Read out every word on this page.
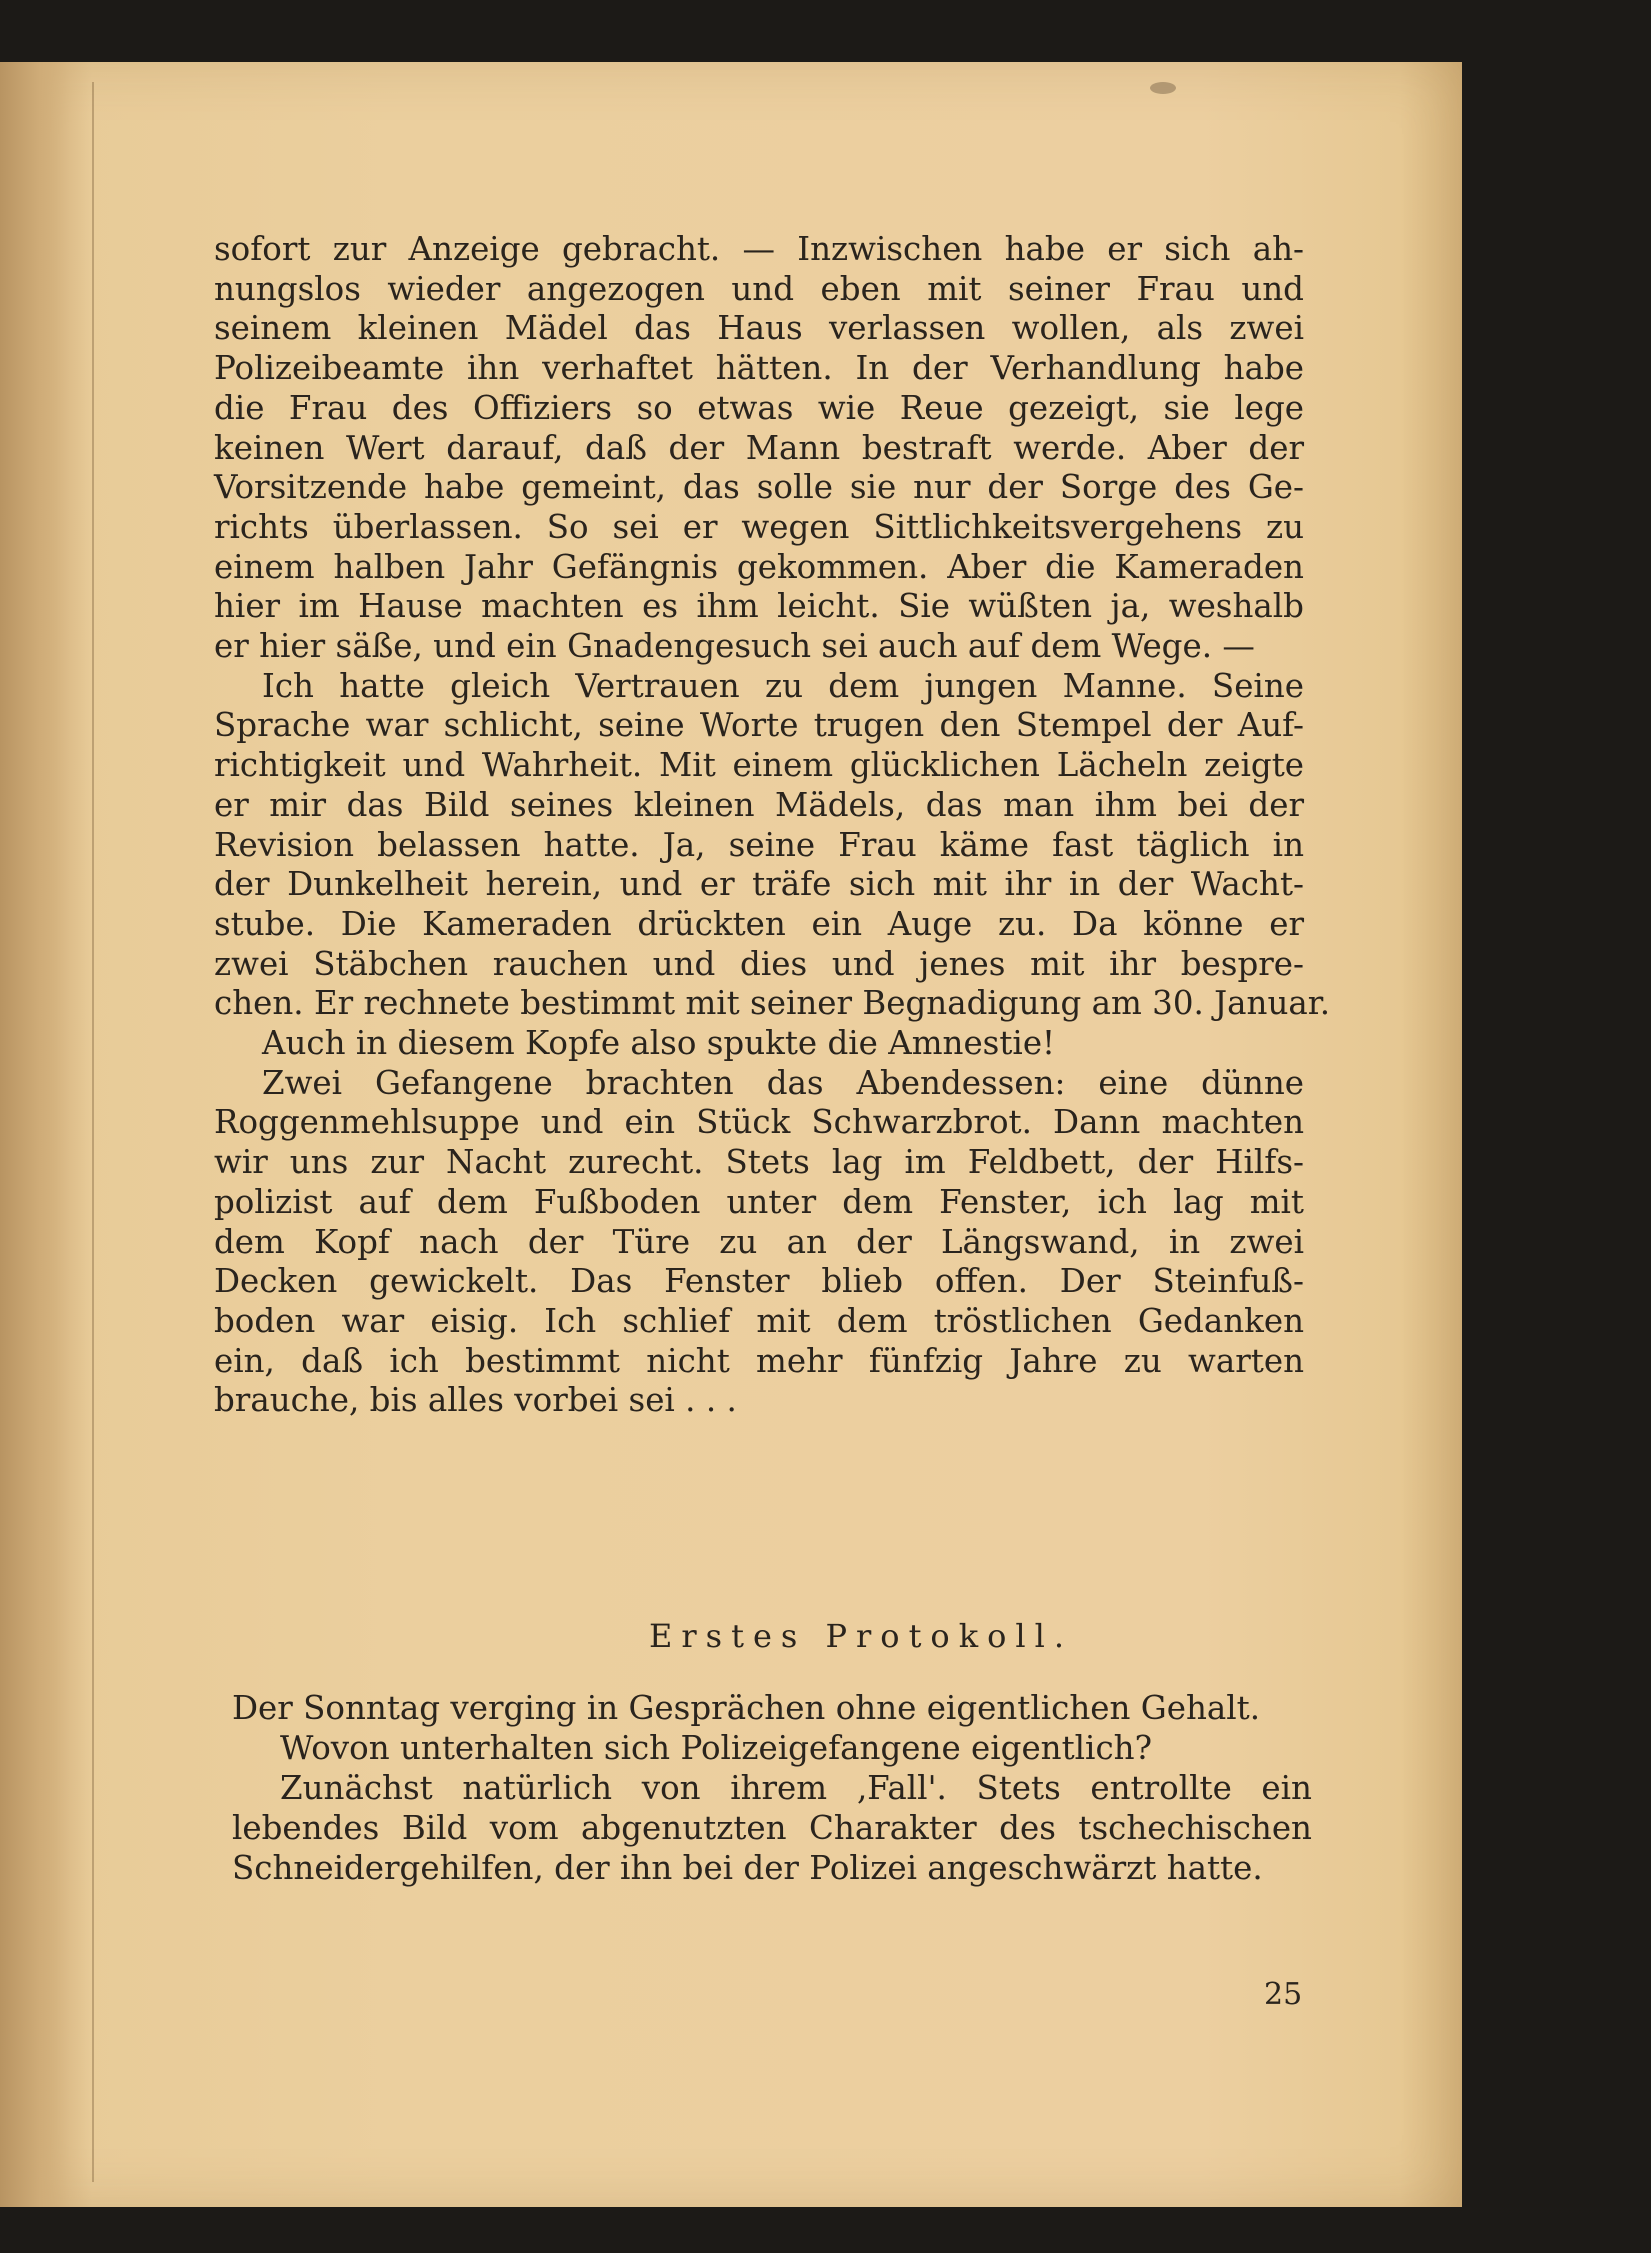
sofort zur Anzeige gebracht. — Inzwischen habe er sich ah-
nungslos wieder angezogen und eben mit seiner Frau und
seinem kleinen Mädel das Haus verlassen wollen, als zwei
Polizeibeamte ihn verhaftet hätten. In der Verhandlung habe
die Frau des Offiziers so etwas wie Reue gezeigt, sie lege
keinen Wert darauf, daß der Mann bestraft werde. Aber der
Vorsitzende habe gemeint, das solle sie nur der Sorge des Ge-
richts überlassen. So sei er wegen Sittlichkeitsvergehens zu
einem halben Jahr Gefängnis gekommen. Aber die Kameraden
hier im Hause machten es ihm leicht. Sie wüßten ja, weshalb
er hier säße, und ein Gnadengesuch sei auch auf dem Wege. —
Ich hatte gleich Vertrauen zu dem jungen Manne. Seine
Sprache war schlicht, seine Worte trugen den Stempel der Auf-
richtigkeit und Wahrheit. Mit einem glücklichen Lächeln zeigte
er mir das Bild seines kleinen Mädels, das man ihm bei der
Revision belassen hatte. Ja, seine Frau käme fast täglich in
der Dunkelheit herein, und er träfe sich mit ihr in der Wacht-
stube. Die Kameraden drückten ein Auge zu. Da könne er
zwei Stäbchen rauchen und dies und jenes mit ihr bespre-
chen. Er rechnete bestimmt mit seiner Begnadigung am 30. Januar.
Auch in diesem Kopfe also spukte die Amnestie!
Zwei Gefangene brachten das Abendessen: eine dünne
Roggenmehlsuppe und ein Stück Schwarzbrot. Dann machten
wir uns zur Nacht zurecht. Stets lag im Feldbett, der Hilfs-
polizist auf dem Fußboden unter dem Fenster, ich lag mit
dem Kopf nach der Türe zu an der Längswand, in zwei
Decken gewickelt. Das Fenster blieb offen. Der Steinfuß-
boden war eisig. Ich schlief mit dem tröstlichen Gedanken
ein, daß ich bestimmt nicht mehr fünfzig Jahre zu warten
brauche, bis alles vorbei sei . . .
Erstes Protokoll.
Der Sonntag verging in Gesprächen ohne eigentlichen Gehalt.
Wovon unterhalten sich Polizeigefangene eigentlich?
Zunächst natürlich von ihrem ‚Fall'. Stets entrollte ein
lebendes Bild vom abgenutzten Charakter des tschechischen
Schneidergehilfen, der ihn bei der Polizei angeschwärzt hatte.
25
